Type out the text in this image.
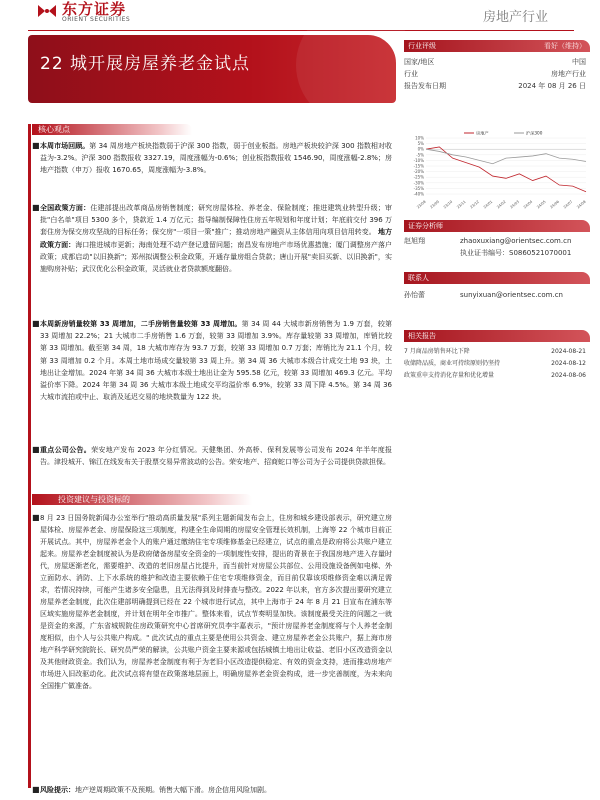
东方证券
ORIENT SECURITIES	房地产行业
22 城开展房屋养老金试点
行业评级	看好（维持）
国家/地区	中国
行业	房地产行业
报告发布日期	2024 年 08 月 26 日
10%
5%
0%
-5%
-10%
-15%
-20%
-25%
-30%
-35%
-40%
23/08 23/09 23/10 23/11 23/12 24/01 24/02 24/03 24/04 24/05 24/06 24/07 24/08
房地产	沪深300
证券分析师
赵旭翔	zhaoxuxiang@orientsec.com.cn
执业证书编号：S0860521070001
联系人
孙怡蕾	sunyixuan@orientsec.com.cn
相关报告
7 月商品房销售环比下降	2024-08-21
收储降品质，商业可持续原则仍坚持	2024-08-12
政策重申支持消化存量和优化增量	2024-08-06
核心观点
■ 本周市场回顾。第 34 周房地产板块指数弱于沪深 300 指数，弱于创业板指。房地产板块较沪深 300 指数相对收益为-3.2%。沪深 300 指数报收 3327.19，周度涨幅为-0.6%；创业板指数报收 1546.90，周度涨幅-2.8%；房地产指数（申万）报收 1670.65，周度涨幅为-3.8%。
■ 全国政策方面：住建部提出改革商品房销售制度；研究房屋体检、养老金、保险制度；推进建筑业转型升级；审批"白名单"项目 5300 多个，贷款近 1.4 万亿元；指导编制保障性住房五年规划和年度计划；年底前交付 396 万套住房为保交房攻坚战的目标任务；保交房"一项目一策"推广；推动房地产融资从主体信用向项目信用转变。 地方政策方面：海口推进城市更新；海南处理不动产登记遗留问题；南昌发布房地产市场优惠措施；厦门调整房产落户政策；成都启动"以旧换新"；郑州拟调整公积金政策，开通存量房组合贷款；唐山开展"卖旧买新、以旧换新"，实施购房补贴；武汉优化公积金政策，灵活就业者贷款额度翻倍。
■ 本周新房销量较第 33 周增加，二手房销售量较第 33 周增加。第 34 周 44 大城市新房销售为 1.9 万套，较第 33 周增加 22.2%；21 大城市二手房销售 1.6 万套，较第 33 周增加 3.9%。库存量较第 33 周增加，库销比较第 33 周增加。截至第 34 周，18 大城市库存为 93.7 万套，较第 33 周增加 0.7 万套；库销比为 21.1 个月，较第 33 周增加 0.2 个月。本周土地市场成交量较第 33 周上升。第 34 周 36 大城市本级合计成交土地 93 块，土地出让金增加。2024 年第 34 周 36 大城市本级土地出让金为 595.58 亿元，较第 33 周增加 469.3 亿元。平均溢价率下降。2024 年第 34 周 36 大城市本级土地成交平均溢价率 6.9%，较第 33 周下降 4.5%。第 34 周 36 大城市流拍或中止、取消及延迟交易的地块数量为 122 块。
■ 重点公司公告。荣安地产发布 2023 年分红情况。天健集团、外高桥、保利发展等公司发布 2024 年半年度报告。津投城开、锦江在线发布关于股票交易异常波动的公告。荣安地产、招商蛇口等公司为子公司提供贷款担保。
投资建议与投资标的
■ 8 月 23 日国务院新闻办公室举行"推动高质量发展"系列主题新闻发布会上，住房和城乡建设部表示，研究建立房屋体检、房屋养老金、房屋保险这三项制度，构建全生命周期的房屋安全管理长效机制，上海等 22 个城市目前正开展试点。其中，房屋养老金个人的账户通过缴纳住宅专项维修基金已经建立，试点的重点是政府将公共账户建立起来。房屋养老金制度被认为是政府储备房屋安全资金的一项制度性安排，提出的背景在于我国房地产进入存量时代，房屋逐渐老化，需要维护、改造的老旧房屋占比提升，而当前针对房屋公共部位、公用设施设备例如电梯、外立面防水、消防、上下水系统的维护和改造主要依赖于住宅专项维修资金，而目前仅靠该项维修资金难以满足需求，若情况持续，可能产生诸多安全隐患，且无法得到及时排查与整改。2022 年以来，官方多次提出要研究建立房屋养老金制度，此次住建部明确提到已经在 22 个城市进行试点，其中上海市于 24 年 8 月 21 日宣布在浦东等区域实施房屋养老金制度，并计划在明年全市推广。整体来看，试点节奏明显加快。该制度最受关注的问题之一就是资金的来源，广东省城规院住房政策研究中心首席研究员李宇嘉表示，"预计房屋养老金制度将与个人养老金制度相似，由个人与公共账户构成。" 此次试点的重点主要是使用公共资金、建立房屋养老金公共账户，据上海市房地产科学研究院院长、研究员严荣的解读，公共账户资金主要来源或包括城镇土地出让收益、老旧小区改造资金以及其他财政资金。我们认为，房屋养老金制度有利于为老旧小区改造提供稳定、有效的资金支持，进而推动房地产市场进入旧改驱动化。此次试点将有望在政策落地层面上，明确房屋养老金资金构成，进一步完善制度，为未来向全国推广做准备。
■ 风险提示：地产逆周期政策不及预期。销售大幅下滑。房企信用风险加剧。
